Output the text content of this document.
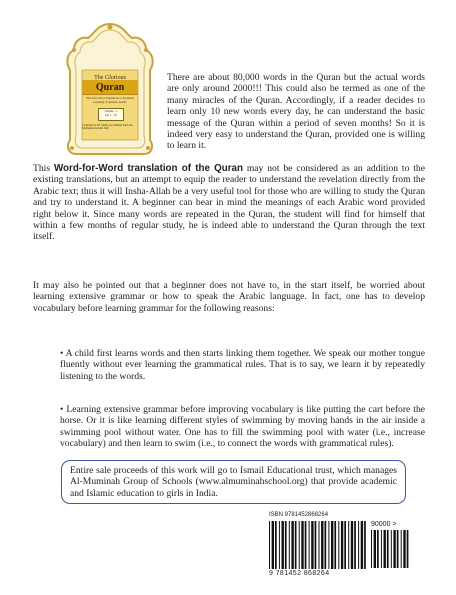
The Glorious
Quran
Word-for-Word Translation to Facilitate Learning of Quranic Arabic
Volume - 1
Juz 1 - 10
Compiled by Dr. Shafiq-ur-Rahman Nadvi & Muhammad Abdul Jalil

There are about 80,000 words in the Quran but the actual words are only around 2000!!! This could also be termed as one of the many miracles of the Quran. Accordingly, if a reader decides to learn only 10 new words every day, he can understand the basic message of the Quran within a period of seven months! So it is indeed very easy to understand the Quran, provided one is willing to learn it.

This Word-for-Word translation of the Quran may not be considered as an addition to the existing translations, but an attempt to equip the reader to understand the revelation directly from the Arabic text; thus it will Insha-Allah be a very useful tool for those who are willing to study the Quran and try to understand it. A beginner can bear in mind the meanings of each Arabic word provided right below it. Since many words are repeated in the Quran, the student will find for himself that within a few months of regular study, he is indeed able to understand the Quran through the text itself.

It may also be pointed out that a beginner does not have to, in the start itself, be worried about learning extensive grammar or how to speak the Arabic language. In fact, one has to develop vocabulary before learning grammar for the following reasons:

• A child first learns words and then starts linking them together. We speak our mother tongue fluently without ever learning the grammatical rules. That is to say, we learn it by repeatedly listening to the words.

• Learning extensive grammar before improving vocabulary is like putting the cart before the horse. Or it is like learning different styles of swimming by moving hands in the air inside a swimming pool without water. One has to fill the swimming pool with water (i.e., increase vocabulary) and then learn to swim (i.e., to connect the words with grammatical rules).

Entire sale proceeds of this work will go to Ismail Educational trust, which manages Al-Muminah Group of Schools (www.almuminahschool.org) that provide academic and Islamic education to girls in India.

ISBN 9781452868264
90000 >
9 781452 868264
